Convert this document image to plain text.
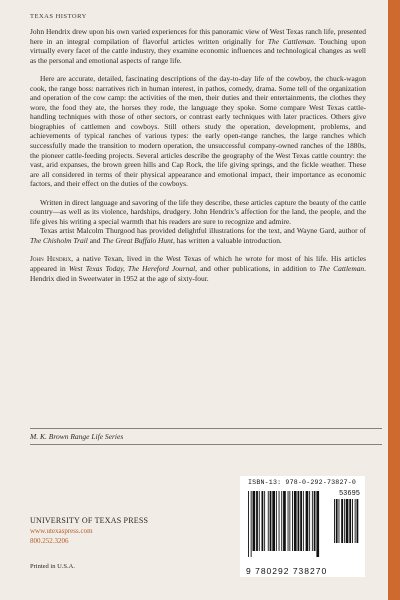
TEXAS HISTORY

John Hendrix drew upon his own varied experiences for this panoramic view of West Texas ranch life, presented here in an integral compilation of flavorful articles written originally for The Cattleman. Touching upon virtually every facet of the cattle industry, they examine economic influences and technological changes as well as the personal and emotional aspects of range life.

Here are accurate, detailed, fascinating descriptions of the day-to-day life of the cowboy, the chuck-wagon cook, the range boss: narratives rich in human interest, in pathos, comedy, drama. Some tell of the organization and operation of the cow camp: the activities of the men, their duties and their entertainments, the clothes they wore, the food they ate, the horses they rode, the language they spoke. Some compare West Texas cattle-handling techniques with those of other sectors, or contrast early techniques with later practices. Others give biographies of cattlemen and cowboys. Still others study the operation, development, problems, and achievements of typical ranches of various types: the early open-range ranches, the large ranches which successfully made the transition to modern operation, the unsuccessful company-owned ranches of the 1880s, the pioneer cattle-feeding projects. Several articles describe the geography of the West Texas cattle country: the vast, arid expanses, the brown green hills and Cap Rock, the life giving springs, and the fickle weather. These are all considered in terms of their physical appearance and emotional impact, their importance as economic factors, and their effect on the duties of the cowboys.

Written in direct language and savoring of the life they describe, these articles capture the beauty of the cattle country—as well as its violence, hardships, drudgery. John Hendrix’s affection for the land, the people, and the life gives his writing a special warmth that his readers are sure to recognize and admire.

Texas artist Malcolm Thurgood has provided delightful illustrations for the text, and Wayne Gard, author of The Chisholm Trail and The Great Buffalo Hunt, has written a valuable introduction.

John Hendrix, a native Texan, lived in the West Texas of which he wrote for most of his life. His articles appeared in West Texas Today, The Hereford Journal, and other publications, in addition to The Cattleman. Hendrix died in Sweetwater in 1952 at the age of sixty-four.

M. K. Brown Range Life Series
UNIVERSITY OF TEXAS PRESS
www.utexaspress.com
800.252.3206
Printed in U.S.A.
ISBN-13: 978-0-292-73827-0
53695
9 780292 738270
